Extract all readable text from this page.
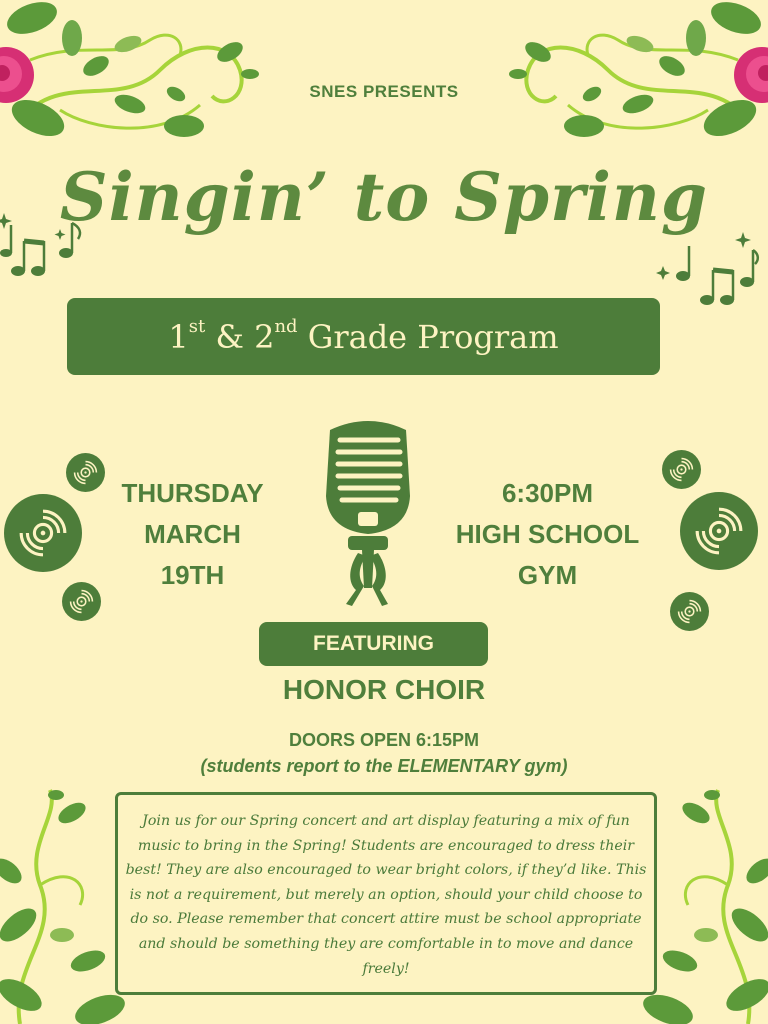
SNES PRESENTS
Singin’ to Spring
1st & 2nd Grade Program
THURSDAY
MARCH
19TH
6:30PM
HIGH SCHOOL
GYM
FEATURING
HONOR CHOIR
DOORS OPEN 6:15PM
(students report to the ELEMENTARY gym)

Join us for our Spring concert and art display featuring a mix of fun music to bring in the Spring! Students are encouraged to dress their best! They are also encouraged to wear bright colors, if they’d like. This is not a requirement, but merely an option, should your child choose to do so. Please remember that concert attire must be school appropriate and should be something they are comfortable in to move and dance freely!
